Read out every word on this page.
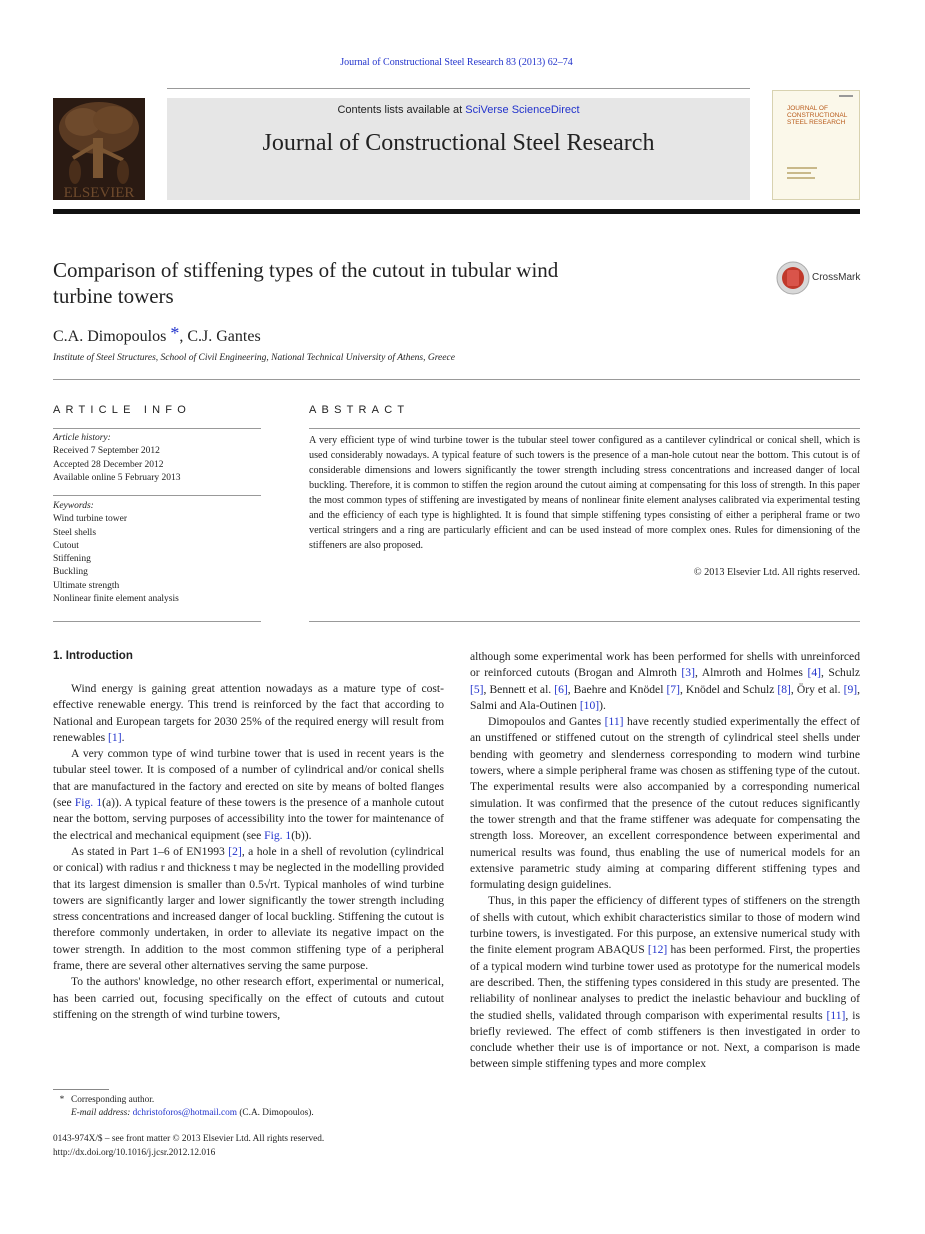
Journal of Constructional Steel Research 83 (2013) 62–74
ELSEVIER
Contents lists available at SciVerse ScienceDirect
Journal of Constructional Steel Research
JOURNAL OF CONSTRUCTIONAL STEEL RESEARCH
Comparison of stiffening types of the cutout in tubular wind
turbine towers
CrossMark
C.A. Dimopoulos *, C.J. Gantes
Institute of Steel Structures, School of Civil Engineering, National Technical University of Athens, Greece
ARTICLE INFO
Article history:
Received 7 September 2012
Accepted 28 December 2012
Available online 5 February 2013
Keywords:
Wind turbine tower
Steel shells
Cutout
Stiffening
Buckling
Ultimate strength
Nonlinear finite element analysis
ABSTRACT
A very efficient type of wind turbine tower is the tubular steel tower configured as a cantilever cylindrical or conical shell, which is used considerably nowadays. A typical feature of such towers is the presence of a man-hole cutout near the bottom. This cutout is of considerable dimensions and lowers significantly the tower strength including stress concentrations and increased danger of local buckling. Therefore, it is common to stiffen the region around the cutout aiming at compensating for this loss of strength. In this paper the most common types of stiffening are investigated by means of nonlinear finite element analyses calibrated via experimental testing and the efficiency of each type is highlighted. It is found that simple stiffening types consisting of either a peripheral frame or two vertical stringers and a ring are particularly efficient and can be used instead of more complex ones. Rules for dimensioning of the stiffeners are also proposed.
© 2013 Elsevier Ltd. All rights reserved.
1. Introduction

Wind energy is gaining great attention nowadays as a mature type of cost-effective renewable energy. This trend is reinforced by the fact that according to National and European targets for 2030 25% of the required energy will result from renewables [1].

A very common type of wind turbine tower that is used in recent years is the tubular steel tower. It is composed of a number of cylindrical and/or conical shells that are manufactured in the factory and erected on site by means of bolted flanges (see Fig. 1(a)). A typical feature of these towers is the presence of a manhole cutout near the bottom, serving purposes of accessibility into the tower for maintenance of the electrical and mechanical equipment (see Fig. 1(b)).

As stated in Part 1–6 of EN1993 [2], a hole in a shell of revolution (cylindrical or conical) with radius r and thickness t may be neglected in the modelling provided that its largest dimension is smaller than 0.5√rt. Typical manholes of wind turbine towers are significantly larger and lower significantly the tower strength including stress concentrations and increased danger of local buckling. Stiffening the cutout is therefore commonly undertaken, in order to alleviate its negative impact on the tower strength. In addition to the most common stiffening type of a peripheral frame, there are several other alternatives serving the same purpose.

To the authors' knowledge, no other research effort, experimental or numerical, has been carried out, focusing specifically on the effect of cutouts and cutout stiffening on the strength of wind turbine towers,

although some experimental work has been performed for shells with unreinforced or reinforced cutouts (Brogan and Almroth [3], Almroth and Holmes [4], Schulz [5], Bennett et al. [6], Baehre and Knödel [7], Knödel and Schulz [8], Öry et al. [9], Salmi and Ala-Outinen [10]).

Dimopoulos and Gantes [11] have recently studied experimentally the effect of an unstiffened or stiffened cutout on the strength of cylindrical steel shells under bending with geometry and slenderness corresponding to modern wind turbine towers, where a simple peripheral frame was chosen as stiffening type of the cutout. The experimental results were also accompanied by a corresponding numerical simulation. It was confirmed that the presence of the cutout reduces significantly the tower strength and that the frame stiffener was adequate for compensating the strength loss. Moreover, an excellent correspondence between experimental and numerical results was found, thus enabling the use of numerical models for an extensive parametric study aiming at comparing different stiffening types and formulating design guidelines.

Thus, in this paper the efficiency of different types of stiffeners on the strength of shells with cutout, which exhibit characteristics similar to those of modern wind turbine towers, is investigated. For this purpose, an extensive numerical study with the finite element program ABAQUS [12] has been performed. First, the properties of a typical modern wind turbine tower used as prototype for the numerical models are described. Then, the stiffening types considered in this study are presented. The reliability of nonlinear analyses to predict the inelastic behaviour and buckling of the studied shells, validated through comparison with experimental results [11], is briefly reviewed. The effect of comb stiffeners is then investigated in order to conclude whether their use is of importance or not. Next, a comparison is made between simple stiffening types and more complex

* Corresponding author.
E-mail address: dchristoforos@hotmail.com (C.A. Dimopoulos).
0143-974X/$ – see front matter © 2013 Elsevier Ltd. All rights reserved.
http://dx.doi.org/10.1016/j.jcsr.2012.12.016
